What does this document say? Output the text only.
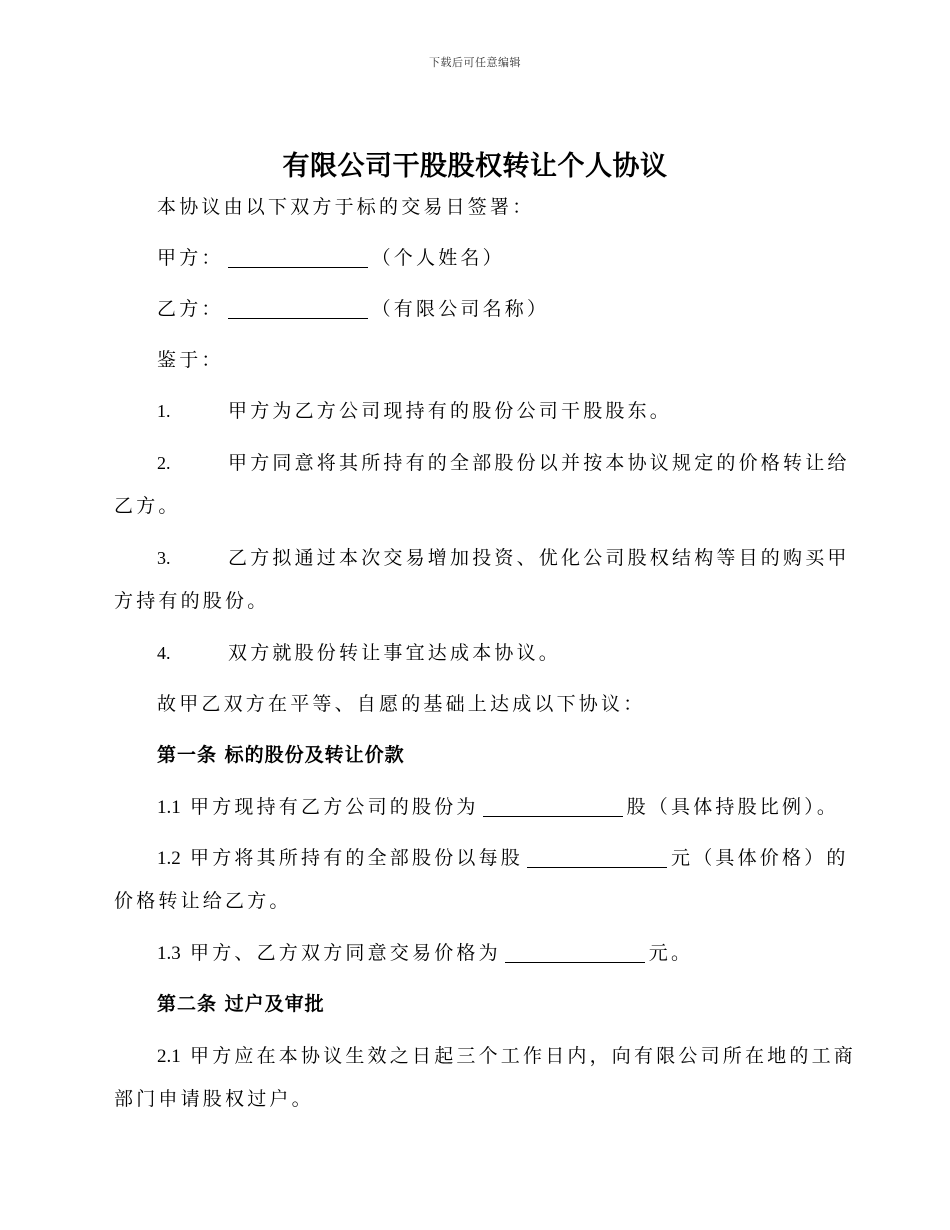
下载后可任意编辑
有限公司干股股权转让个人协议
本协议由以下双方于标的交易日签署：
甲方：	（个人姓名）
乙方：	（有限公司名称）
鉴于：
1.	甲方为乙方公司现持有的股份公司干股股东。
2.	甲方同意将其所持有的全部股份以并按本协议规定的价格转让给
乙方。
3.	乙方拟通过本次交易增加投资、优化公司股权结构等目的购买甲
方持有的股份。
4.	双方就股份转让事宜达成本协议。
故甲乙双方在平等、自愿的基础上达成以下协议：
第一条 标的股份及转让价款
1.1 甲方现持有乙方公司的股份为	股（具体持股比例）。
1.2 甲方将其所持有的全部股份以每股	元（具体价格）的
价格转让给乙方。
1.3 甲方、乙方双方同意交易价格为	元。
第二条 过户及审批
2.1 甲方应在本协议生效之日起三个工作日内，向有限公司所在地的工商
部门申请股权过户。
